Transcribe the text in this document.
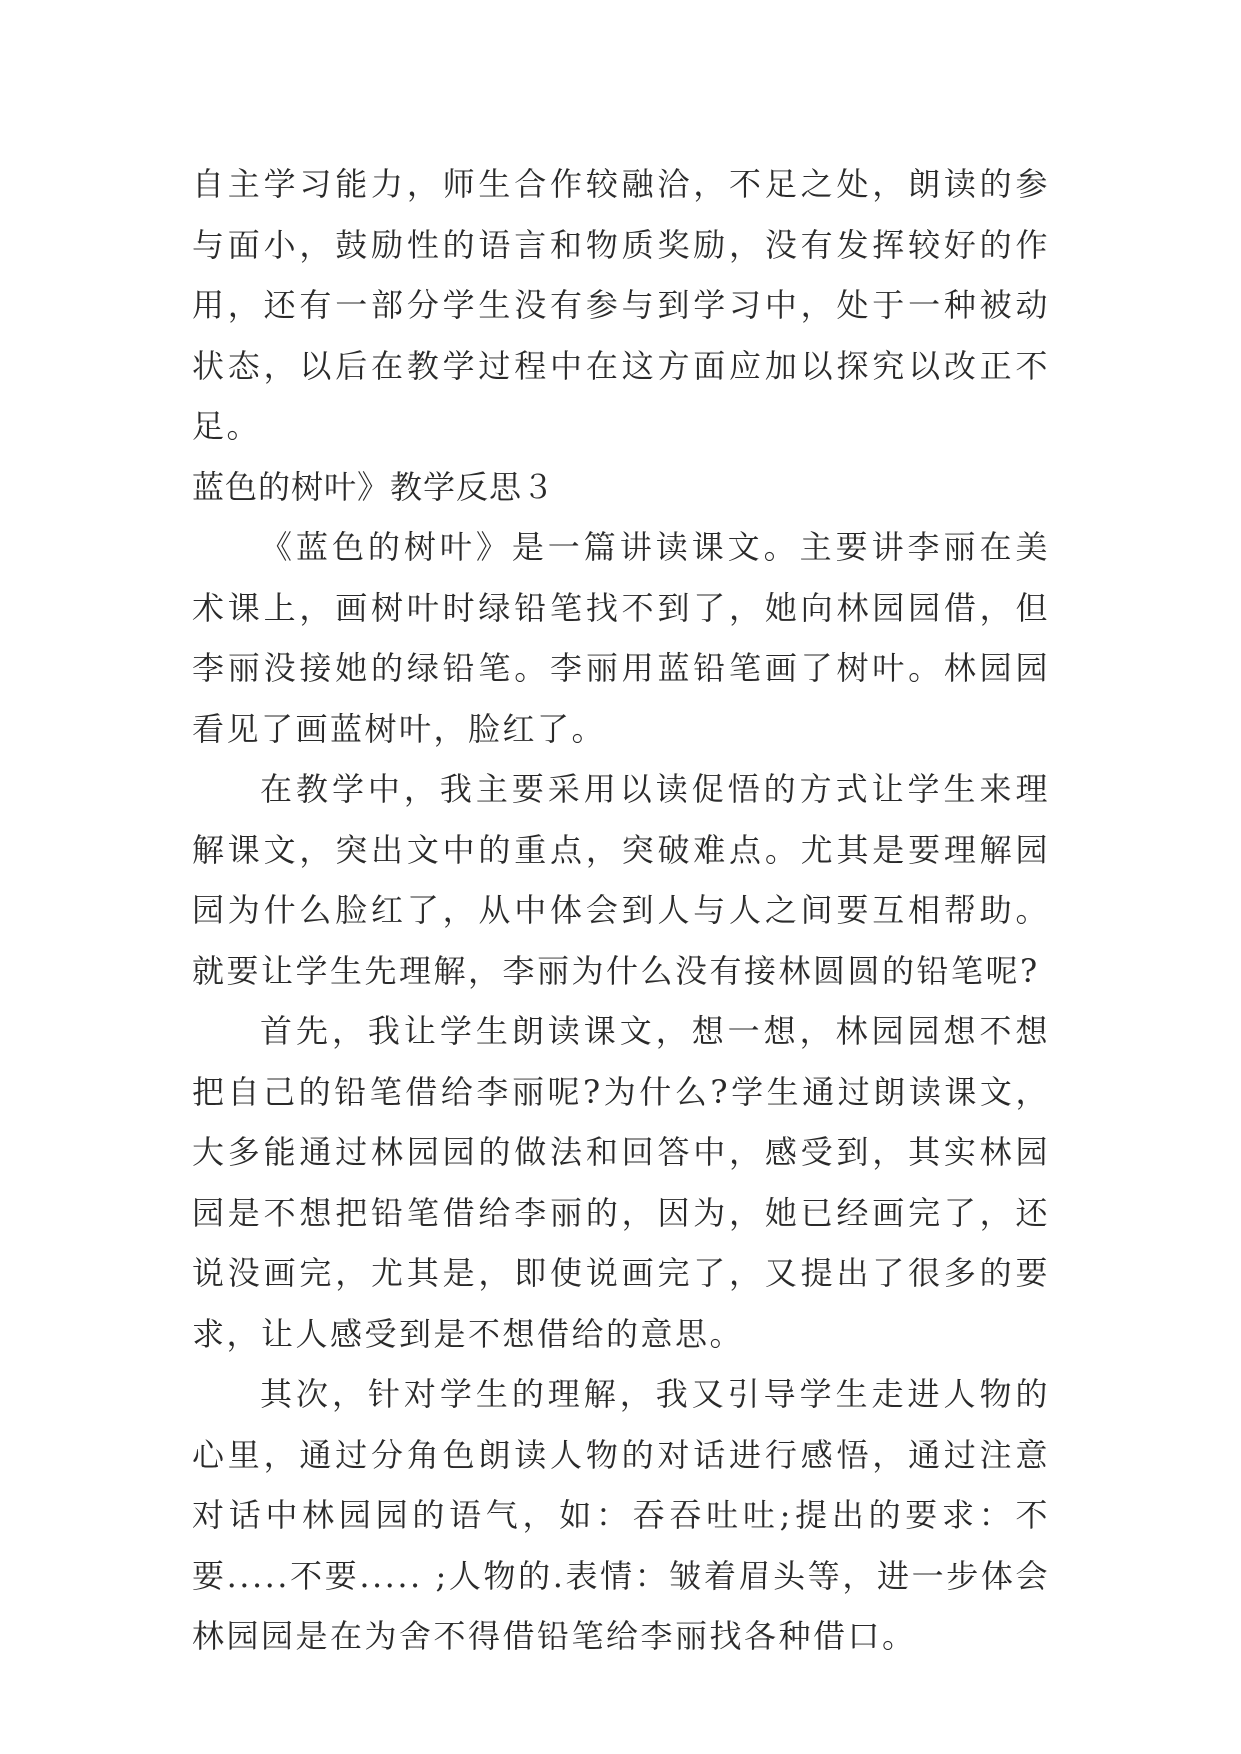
自主学习能力，师生合作较融洽，不足之处，朗读的参与面小，鼓励性的语言和物质奖励，没有发挥较好的作用，还有一部分学生没有参与到学习中，处于一种被动状态，以后在教学过程中在这方面应加以探究以改正不足。

蓝色的树叶》教学反思３

《蓝色的树叶》是一篇讲读课文。主要讲李丽在美术课上，画树叶时绿铅笔找不到了，她向林园园借，但李丽没接她的绿铅笔。李丽用蓝铅笔画了树叶。林园园看见了画蓝树叶，脸红了。

在教学中，我主要采用以读促悟的方式让学生来理解课文，突出文中的重点，突破难点。尤其是要理解园园为什么脸红了，从中体会到人与人之间要互相帮助。就要让学生先理解，李丽为什么没有接林圆圆的铅笔呢?

首先，我让学生朗读课文，想一想，林园园想不想把自己的铅笔借给李丽呢?为什么?学生通过朗读课文，大多能通过林园园的做法和回答中，感受到，其实林园园是不想把铅笔借给李丽的，因为，她已经画完了，还说没画完，尤其是，即使说画完了，又提出了很多的要求，让人感受到是不想借给的意思。

其次，针对学生的理解，我又引导学生走进人物的心里，通过分角色朗读人物的对话进行感悟，通过注意对话中林园园的语气，如：吞吞吐吐;提出的要求：不要.....不要..... ;人物的.表情：皱着眉头等，进一步体会林园园是在为舍不得借铅笔给李丽找各种借口。
